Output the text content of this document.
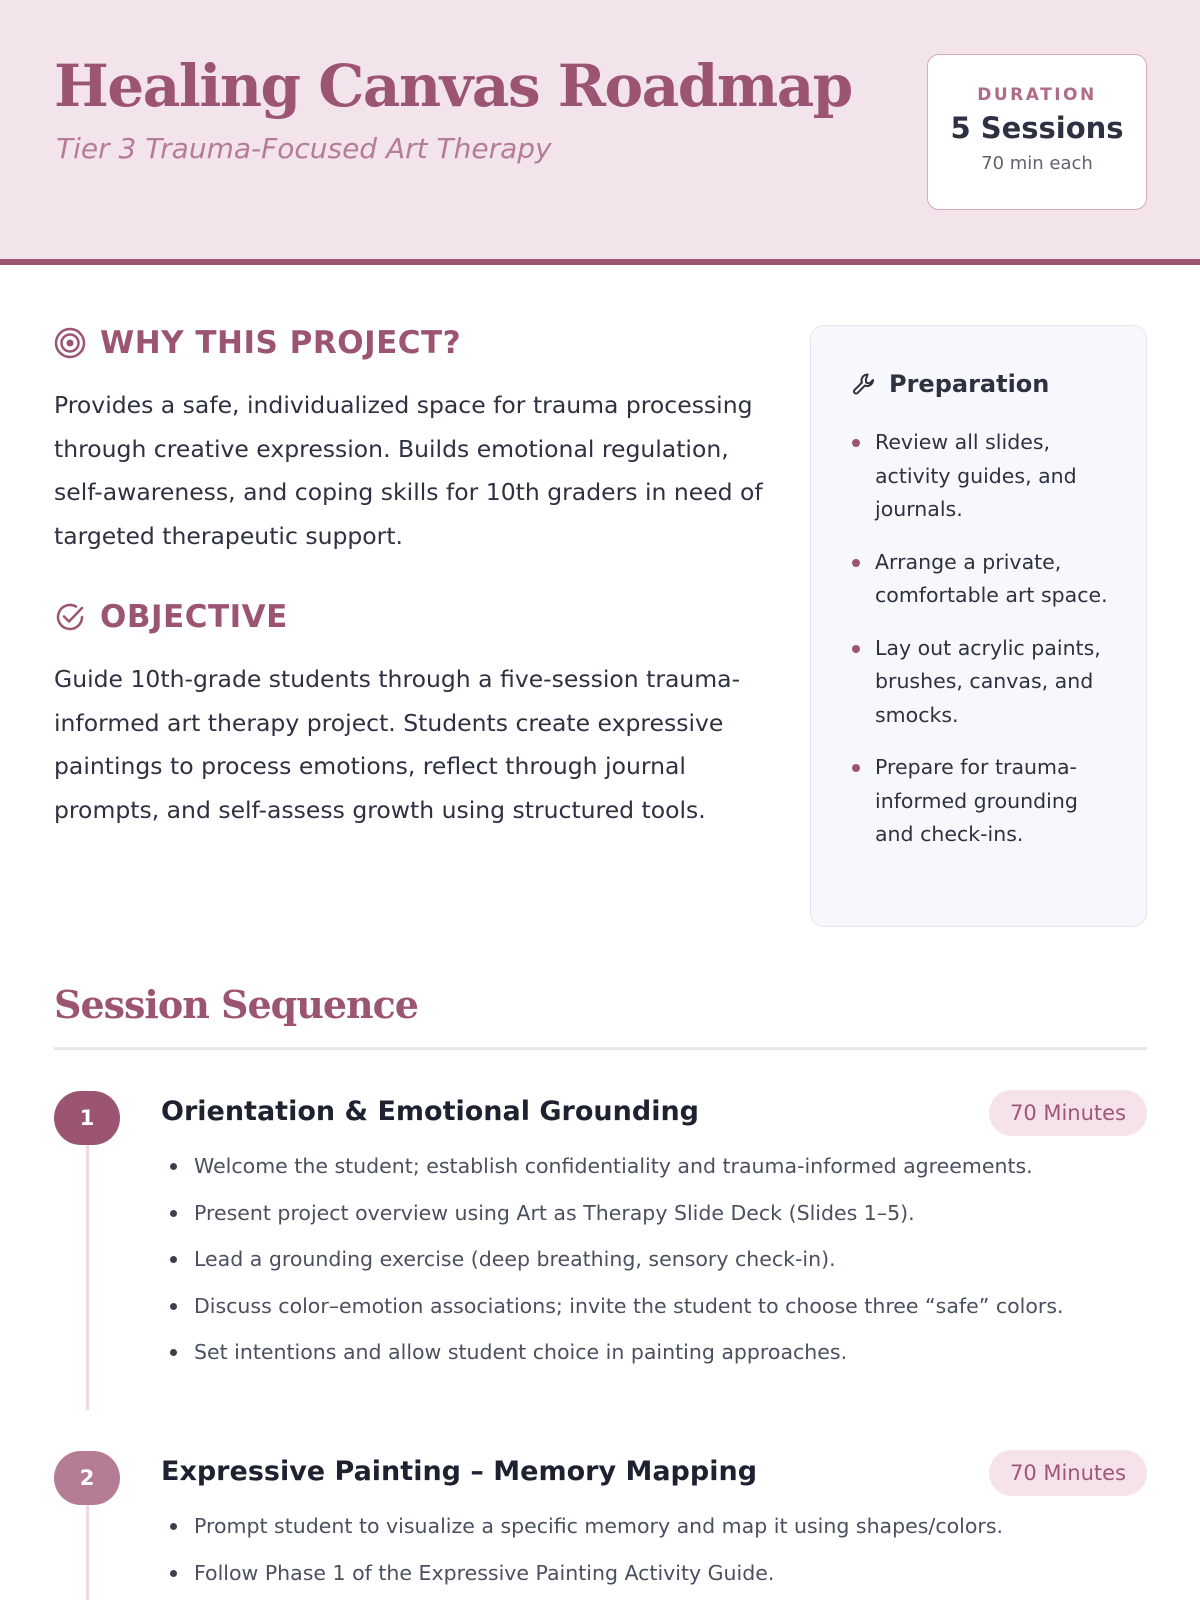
Healing Canvas Roadmap
Tier 3 Trauma-Focused Art Therapy
DURATION
5 Sessions
70 min each
WHY THIS PROJECT?

Provides a safe, individualized space for trauma processing through creative expression. Builds emotional regulation, self-awareness, and coping skills for 10th graders in need of targeted therapeutic support.

OBJECTIVE

Guide 10th-grade students through a five-session trauma-informed art therapy project. Students create expressive paintings to process emotions, reflect through journal prompts, and self-assess growth using structured tools.

Preparation
Review all slides, activity guides, and journals.
Arrange a private, comfortable art space.
Lay out acrylic paints, brushes, canvas, and smocks.
Prepare for trauma-informed grounding and check-ins.
Session Sequence
1	Orientation & Emotional Grounding	70 Minutes
Welcome the student; establish confidentiality and trauma-informed agreements.
Present project overview using Art as Therapy Slide Deck (Slides 1–5).
Lead a grounding exercise (deep breathing, sensory check-in).
Discuss color–emotion associations; invite the student to choose three “safe” colors.
Set intentions and allow student choice in painting approaches.
2	Expressive Painting – Memory Mapping	70 Minutes
Prompt student to visualize a specific memory and map it using shapes/colors.
Follow Phase 1 of the Expressive Painting Activity Guide.
